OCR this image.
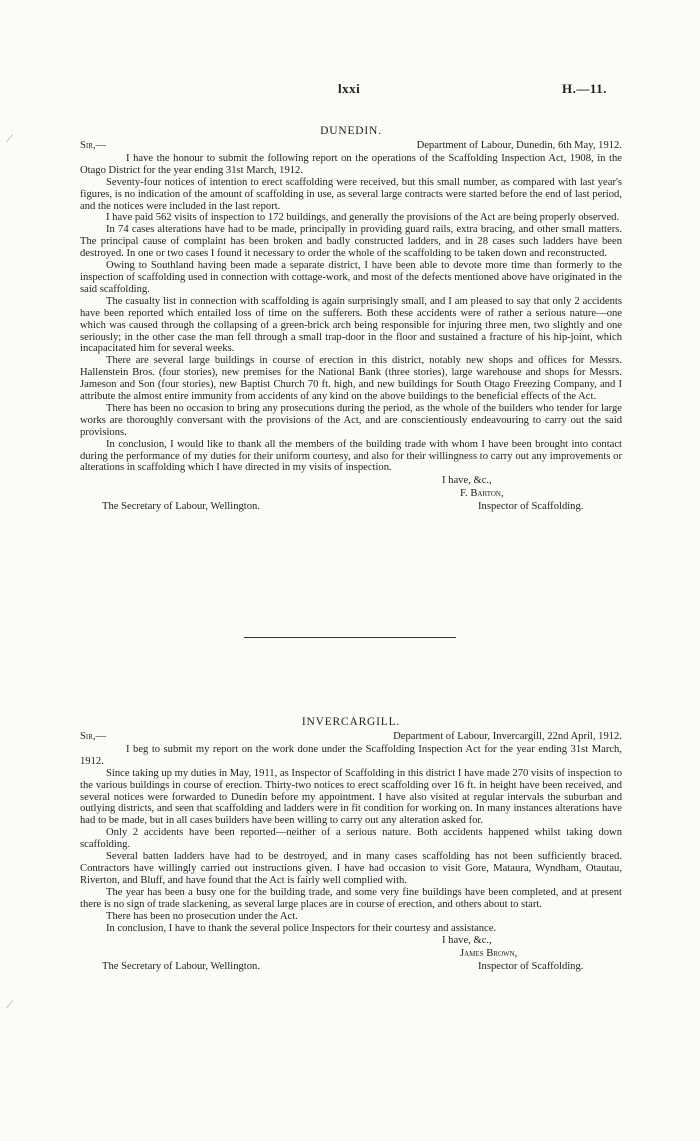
lxxi	H.—11.
⟋
⟋
DUNEDIN.
Sir,—	Department of Labour, Dunedin, 6th May, 1912.

I have the honour to submit the following report on the operations of the Scaffolding Inspection Act, 1908, in the Otago District for the year ending 31st March, 1912.

Seventy-four notices of intention to erect scaffolding were received, but this small number, as compared with last year's figures, is no indication of the amount of scaffolding in use, as several large contracts were started before the end of last period, and the notices were included in the last report.

I have paid 562 visits of inspection to 172 buildings, and generally the provisions of the Act are being properly observed.

In 74 cases alterations have had to be made, principally in providing guard rails, extra bracing, and other small matters. The principal cause of complaint has been broken and badly constructed ladders, and in 28 cases such ladders have been destroyed. In one or two cases I found it necessary to order the whole of the scaffolding to be taken down and reconstructed.

Owing to Southland having been made a separate district, I have been able to devote more time than formerly to the inspection of scaffolding used in connection with cottage-work, and most of the defects mentioned above have originated in the said scaffolding.

The casualty list in connection with scaffolding is again surprisingly small, and I am pleased to say that only 2 accidents have been reported which entailed loss of time on the sufferers. Both these accidents were of rather a serious nature—one which was caused through the collapsing of a green-brick arch being responsible for injuring three men, two slightly and one seriously; in the other case the man fell through a small trap-door in the floor and sustained a fracture of his hip-joint, which incapacitated him for several weeks.

There are several large buildings in course of erection in this district, notably new shops and offices for Messrs. Hallenstein Bros. (four stories), new premises for the National Bank (three stories), large warehouse and shops for Messrs. Jameson and Son (four stories), new Baptist Church 70 ft. high, and new buildings for South Otago Freezing Company, and I attribute the almost entire immunity from accidents of any kind on the above buildings to the beneficial effects of the Act.

There has been no occasion to bring any prosecutions during the period, as the whole of the builders who tender for large works are thoroughly conversant with the provisions of the Act, and are conscientiously endeavouring to carry out the said provisions.

In conclusion, I would like to thank all the members of the building trade with whom I have been brought into contact during the performance of my duties for their uniform courtesy, and also for their willingness to carry out any improvements or alterations in scaffolding which I have directed in my visits of inspection.

I have, &c.,
F. Barton,
Inspector of Scaffolding.
The Secretary of Labour, Wellington.
INVERCARGILL.
Sir,—	Department of Labour, Invercargill, 22nd April, 1912.

I beg to submit my report on the work done under the Scaffolding Inspection Act for the year ending 31st March, 1912.

Since taking up my duties in May, 1911, as Inspector of Scaffolding in this district I have made 270 visits of inspection to the various buildings in course of erection. Thirty-two notices to erect scaffolding over 16 ft. in height have been received, and several notices were forwarded to Dunedin before my appointment. I have also visited at regular intervals the suburban and outlying districts, and seen that scaffolding and ladders were in fit condition for working on. In many instances alterations have had to be made, but in all cases builders have been willing to carry out any alteration asked for.

Only 2 accidents have been reported—neither of a serious nature. Both accidents happened whilst taking down scaffolding.

Several batten ladders have had to be destroyed, and in many cases scaffolding has not been sufficiently braced. Contractors have willingly carried out instructions given. I have had occasion to visit Gore, Mataura, Wyndham, Otautau, Riverton, and Bluff, and have found that the Act is fairly well complied with.

The year has been a busy one for the building trade, and some very fine buildings have been completed, and at present there is no sign of trade slackening, as several large places are in course of erection, and others about to start.

There has been no prosecution under the Act.

In conclusion, I have to thank the several police Inspectors for their courtesy and assistance.

I have, &c.,
James Brown,
Inspector of Scaffolding.
The Secretary of Labour, Wellington.
